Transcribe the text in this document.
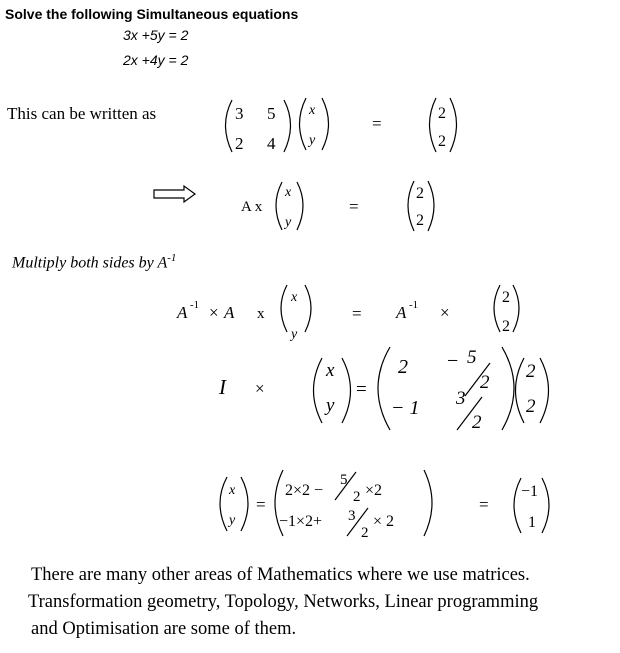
Solve the following Simultaneous equations
3x +5y = 2
2x +4y = 2
This can be written as
Multiply both sides by $A^{-1}$
There are many other areas of Mathematics where we use matrices.
Transformation geometry, Topology, Networks, Linear programming
and Optimisation are some of them.
3 5
2 4
x
y
=
2
2
A x
x
y
=
2
2
A -1 × A x
x
y
= A -1 ×
2
2
I ×
x
y
=
2 − 5
2
− 1 3
2
2
2
x
y
=
2×2 −
5
2 ×2
−1×2+ 3
2
× 2
=
−1
1
